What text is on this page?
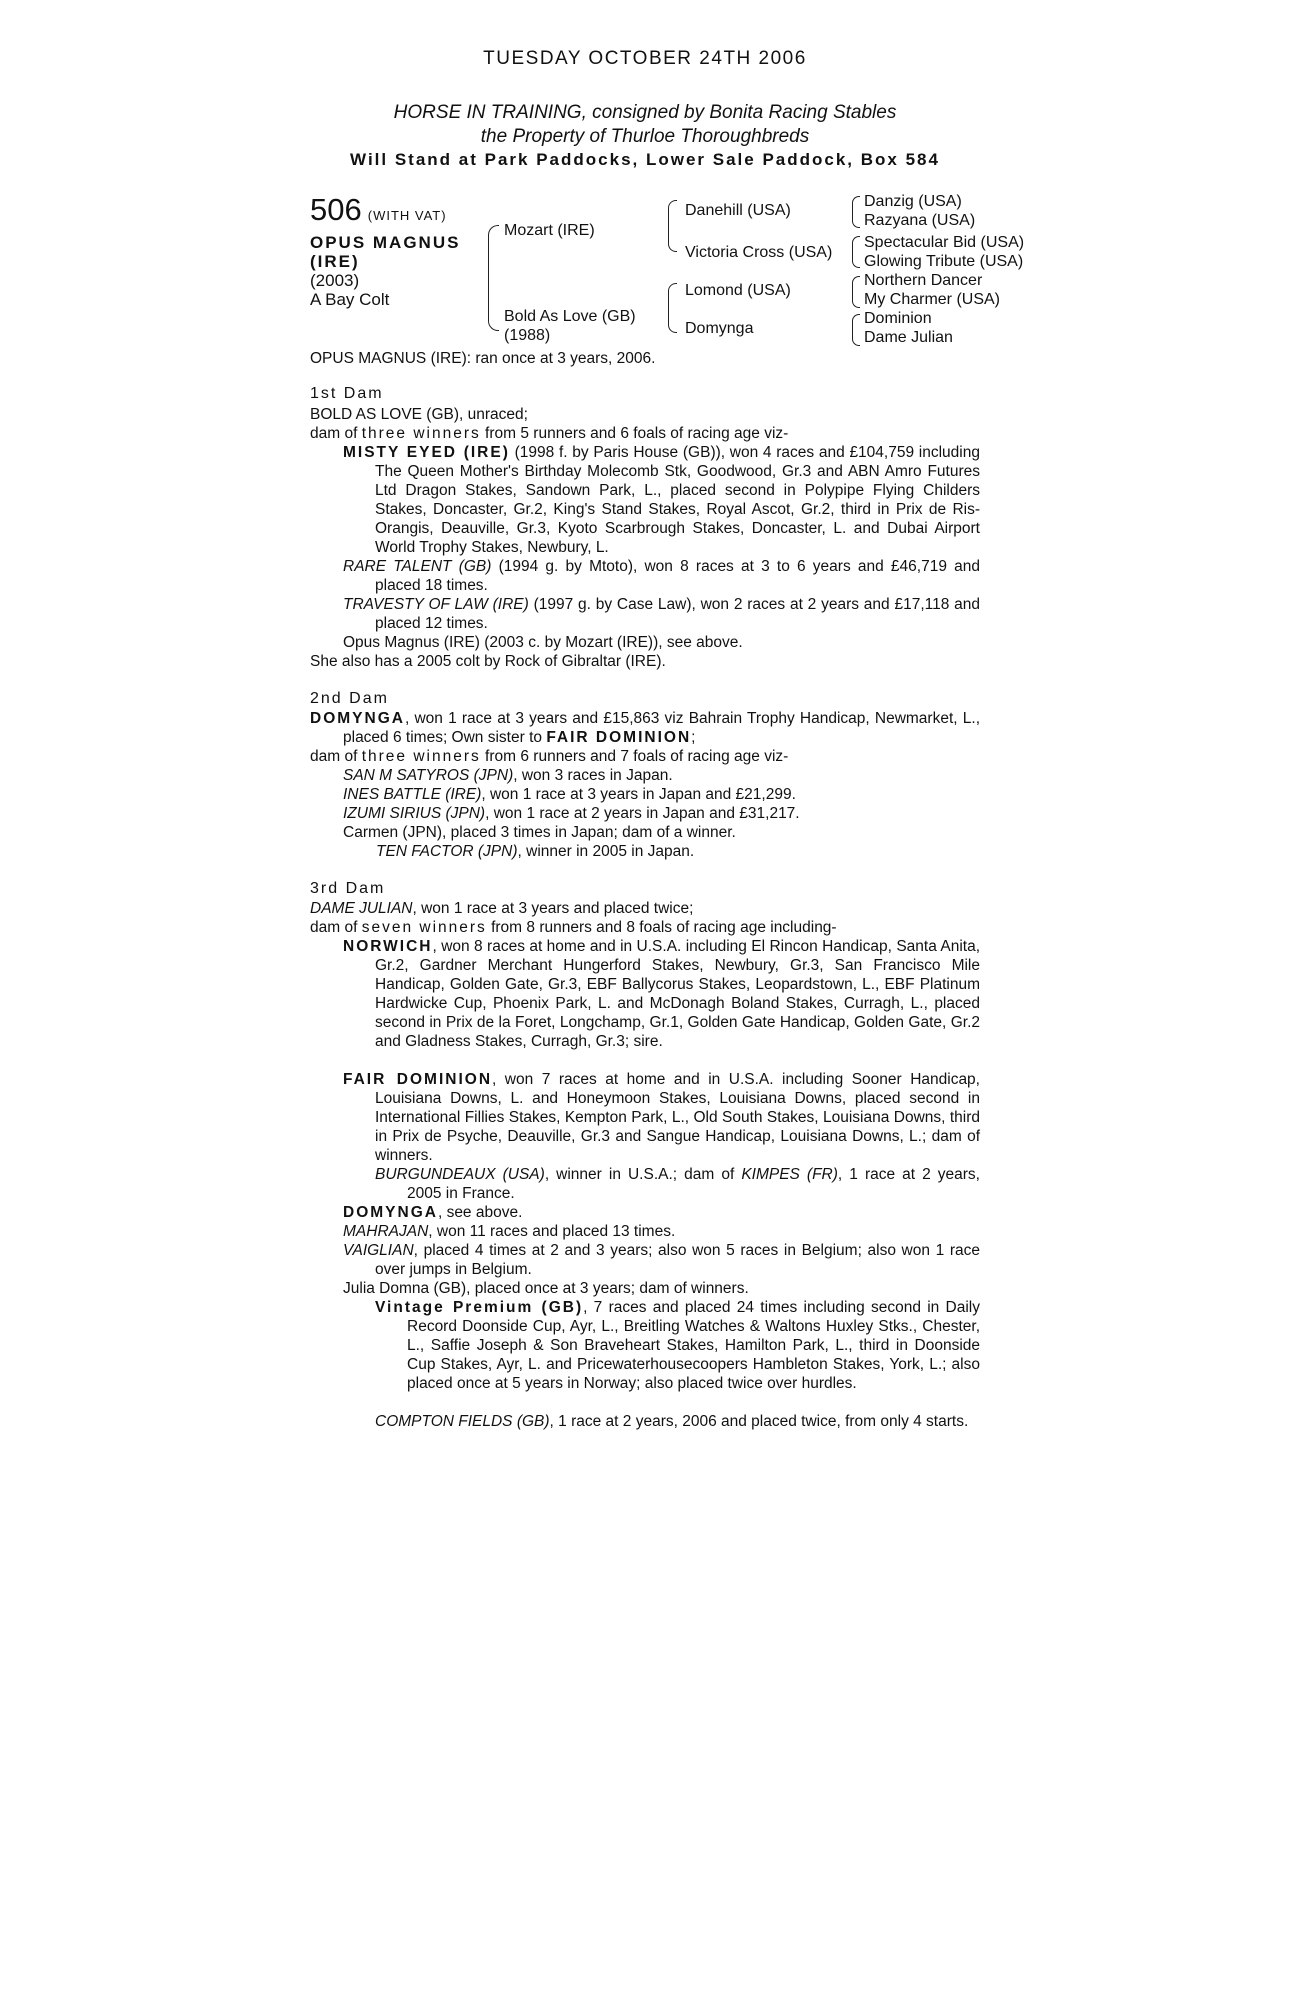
TUESDAY OCTOBER 24TH 2006
HORSE IN TRAINING, consigned by Bonita Racing Stables
the Property of Thurloe Thoroughbreds
Will Stand at Park Paddocks, Lower Sale Paddock, Box 584
506 (WITH VAT)
OPUS MAGNUS (IRE)
(2003)
A Bay Colt
Mozart (IRE)
Bold As Love (GB)
(1988)
Danehill (USA)
Victoria Cross (USA)
Lomond (USA)
Domynga
Danzig (USA)
Razyana (USA)
Spectacular Bid (USA)
Glowing Tribute (USA)
Northern Dancer
My Charmer (USA)
Dominion
Dame Julian
OPUS MAGNUS (IRE): ran once at 3 years, 2006.
1st Dam
BOLD AS LOVE (GB), unraced;
dam of three winners from 5 runners and 6 foals of racing age viz-
MISTY EYED (IRE) (1998 f. by Paris House (GB)), won 4 races and £104,759 including The Queen Mother's Birthday Molecomb Stk, Goodwood, Gr.3 and ABN Amro Futures Ltd Dragon Stakes, Sandown Park, L., placed second in Polypipe Flying Childers Stakes, Doncaster, Gr.2, King's Stand Stakes, Royal Ascot, Gr.2, third in Prix de Ris-Orangis, Deauville, Gr.3, Kyoto Scarbrough Stakes, Doncaster, L. and Dubai Airport World Trophy Stakes, Newbury, L.
RARE TALENT (GB) (1994 g. by Mtoto), won 8 races at 3 to 6 years and £46,719 and placed 18 times.
TRAVESTY OF LAW (IRE) (1997 g. by Case Law), won 2 races at 2 years and £17,118 and placed 12 times.
Opus Magnus (IRE) (2003 c. by Mozart (IRE)), see above.
She also has a 2005 colt by Rock of Gibraltar (IRE).
2nd Dam
DOMYNGA, won 1 race at 3 years and £15,863 viz Bahrain Trophy Handicap, Newmarket, L., placed 6 times; Own sister to FAIR DOMINION;
dam of three winners from 6 runners and 7 foals of racing age viz-
SAN M SATYROS (JPN), won 3 races in Japan.
INES BATTLE (IRE), won 1 race at 3 years in Japan and £21,299.
IZUMI SIRIUS (JPN), won 1 race at 2 years in Japan and £31,217.
Carmen (JPN), placed 3 times in Japan; dam of a winner.
TEN FACTOR (JPN), winner in 2005 in Japan.
3rd Dam
DAME JULIAN, won 1 race at 3 years and placed twice;
dam of seven winners from 8 runners and 8 foals of racing age including-
NORWICH, won 8 races at home and in U.S.A. including El Rincon Handicap, Santa Anita, Gr.2, Gardner Merchant Hungerford Stakes, Newbury, Gr.3, San Francisco Mile Handicap, Golden Gate, Gr.3, EBF Ballycorus Stakes, Leopardstown, L., EBF Platinum Hardwicke Cup, Phoenix Park, L. and McDonagh Boland Stakes, Curragh, L., placed second in Prix de la Foret, Longchamp, Gr.1, Golden Gate Handicap, Golden Gate, Gr.2 and Gladness Stakes, Curragh, Gr.3; sire.
FAIR DOMINION, won 7 races at home and in U.S.A. including Sooner Handicap, Louisiana Downs, L. and Honeymoon Stakes, Louisiana Downs, placed second in International Fillies Stakes, Kempton Park, L., Old South Stakes, Louisiana Downs, third in Prix de Psyche, Deauville, Gr.3 and Sangue Handicap, Louisiana Downs, L.; dam of winners.
BURGUNDEAUX (USA), winner in U.S.A.; dam of KIMPES (FR), 1 race at 2 years, 2005 in France.
DOMYNGA, see above.
MAHRAJAN, won 11 races and placed 13 times.
VAIGLIAN, placed 4 times at 2 and 3 years; also won 5 races in Belgium; also won 1 race over jumps in Belgium.
Julia Domna (GB), placed once at 3 years; dam of winners.
Vintage Premium (GB), 7 races and placed 24 times including second in Daily Record Doonside Cup, Ayr, L., Breitling Watches & Waltons Huxley Stks., Chester, L., Saffie Joseph & Son Braveheart Stakes, Hamilton Park, L., third in Doonside Cup Stakes, Ayr, L. and Pricewaterhousecoopers Hambleton Stakes, York, L.; also placed once at 5 years in Norway; also placed twice over hurdles.
COMPTON FIELDS (GB), 1 race at 2 years, 2006 and placed twice, from only 4 starts.
